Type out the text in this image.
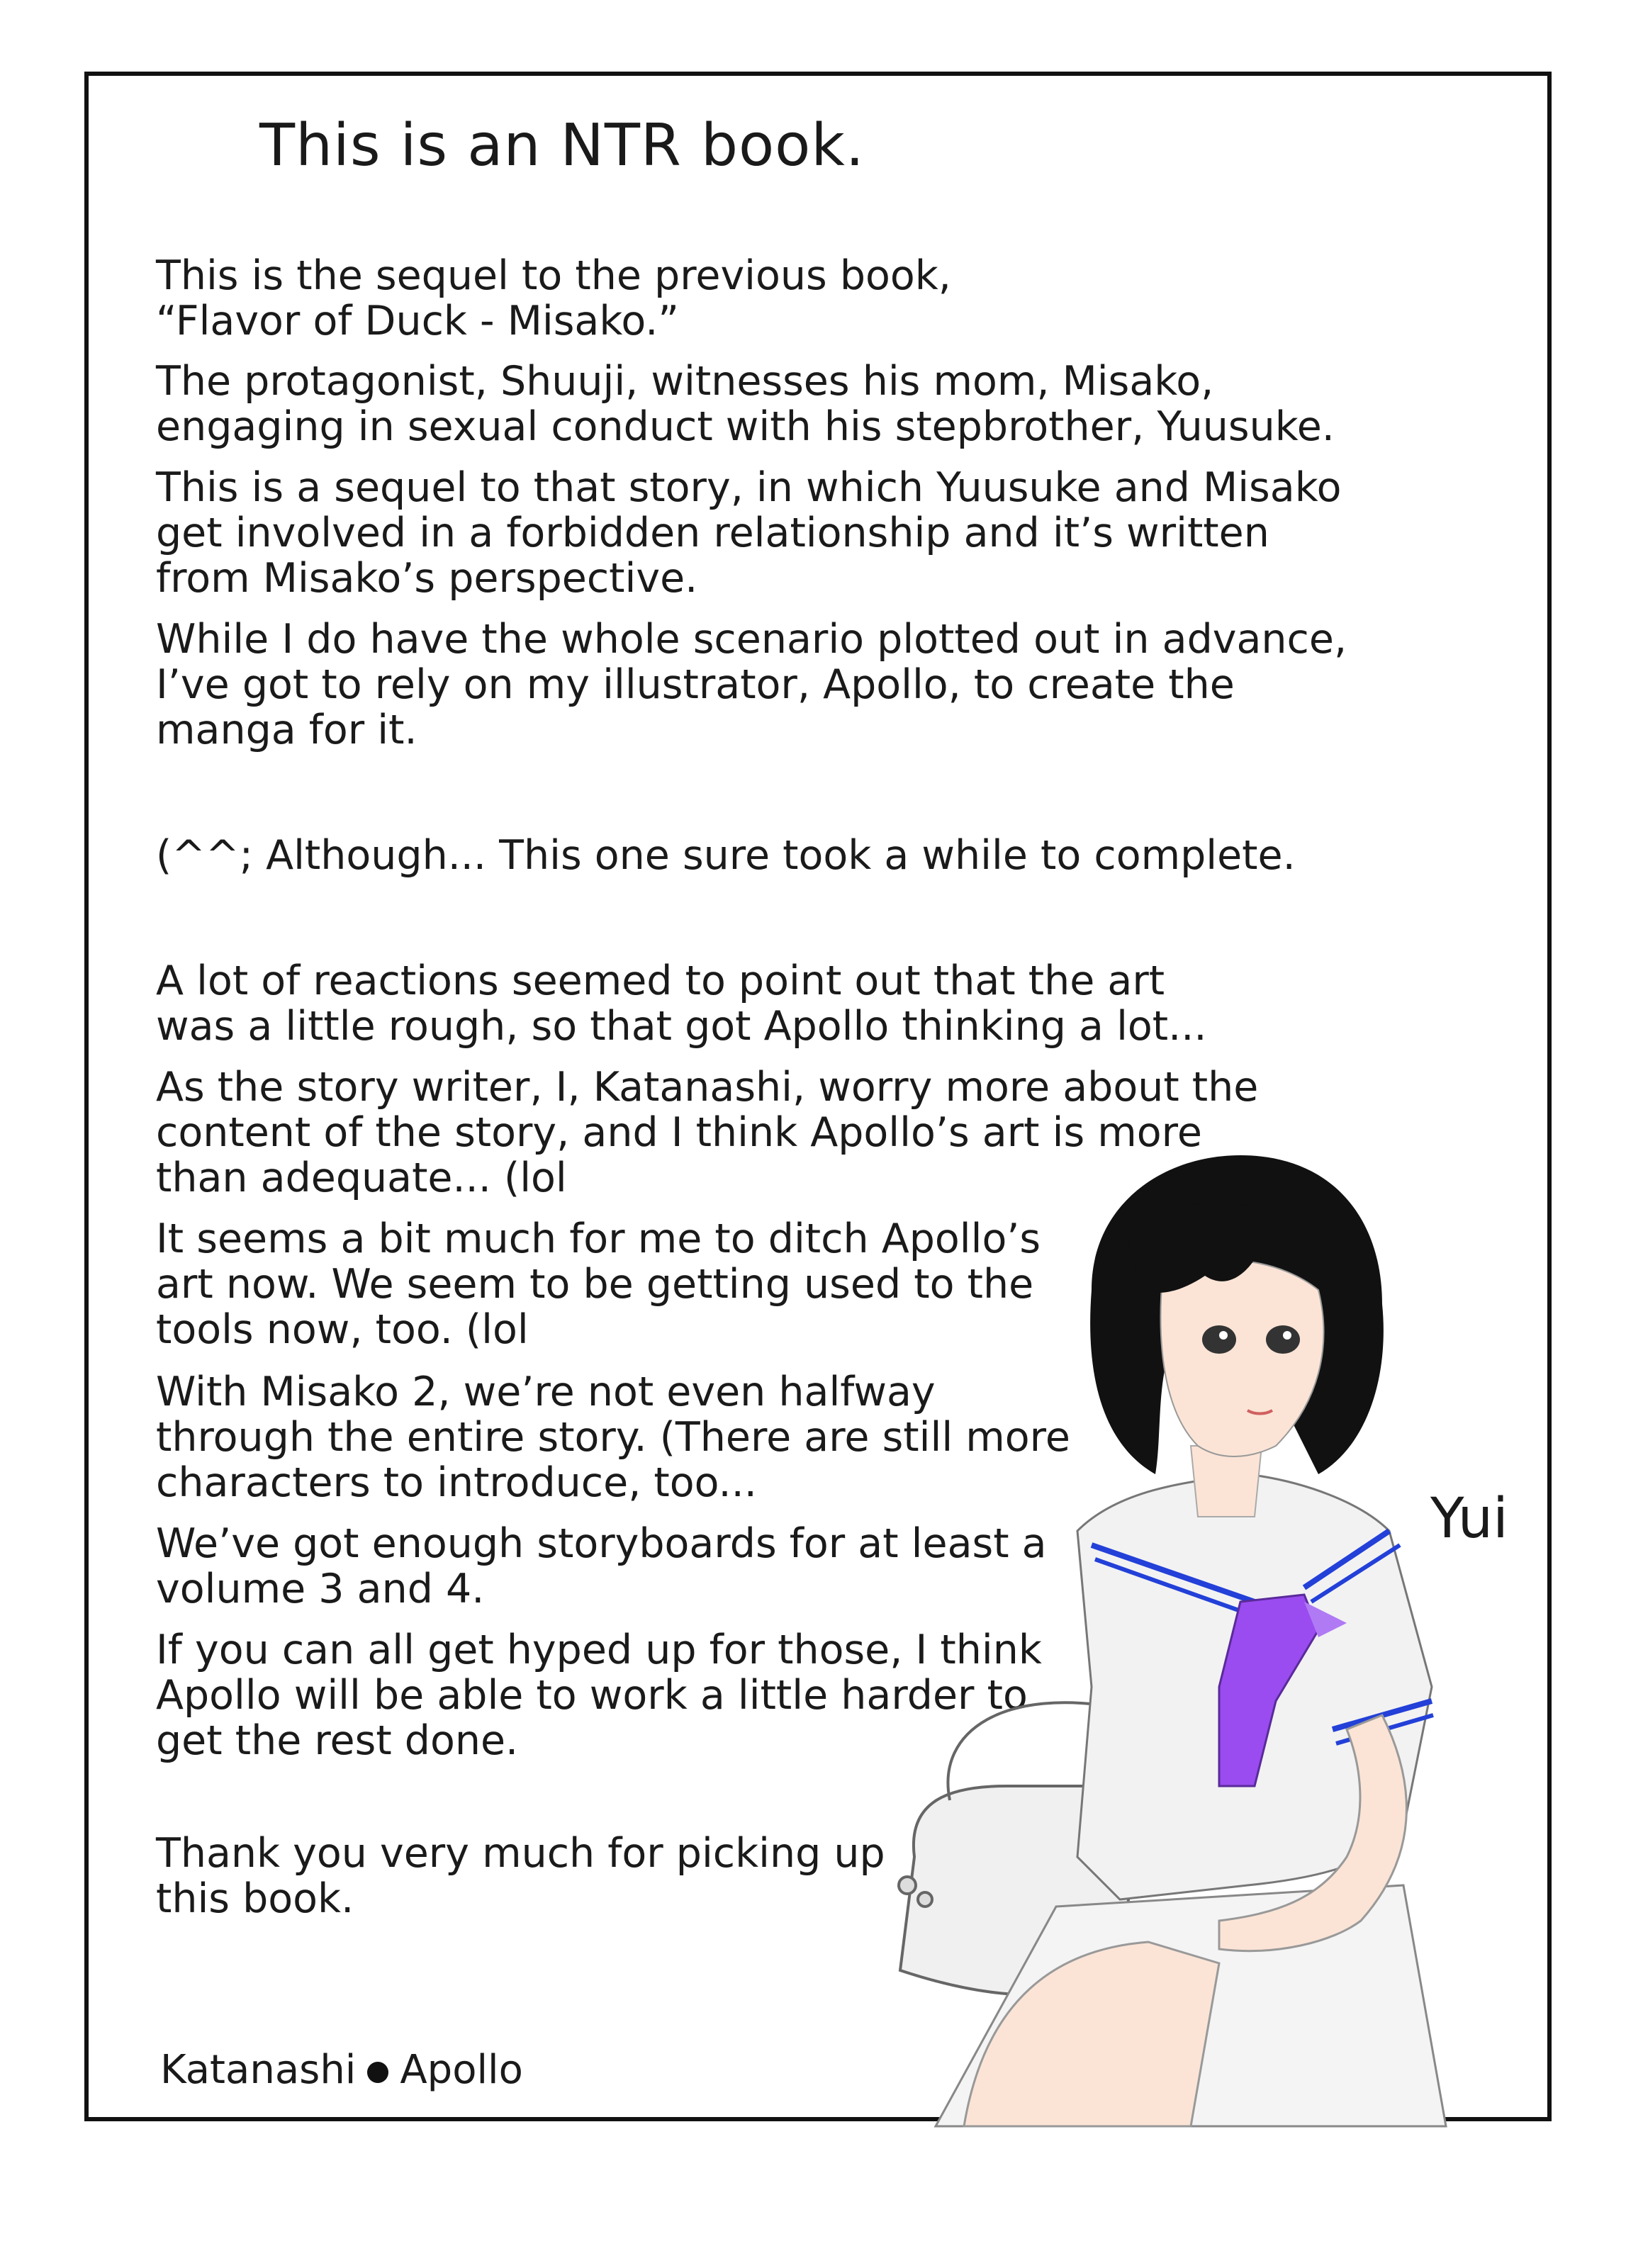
This is an NTR book.

This is the sequel to the previous book,
“Flavor of Duck - Misako.”

The protagonist, Shuuji, witnesses his mom, Misako,
engaging in sexual conduct with his stepbrother, Yuusuke.

This is a sequel to that story, in which Yuusuke and Misako
get involved in a forbidden relationship and it’s written
from Misako’s perspective.

While I do have the whole scenario plotted out in advance,
I’ve got to rely on my illustrator, Apollo, to create the
manga for it.

(^^; Although... This one sure took a while to complete.

A lot of reactions seemed to point out that the art
was a little rough, so that got Apollo thinking a lot...

As the story writer, I, Katanashi, worry more about the
content of the story, and I think Apollo’s art is more
than adequate... (lol

It seems a bit much for me to ditch Apollo’s
art now. We seem to be getting used to the
tools now, too. (lol

With Misako 2, we’re not even halfway
through the entire story. (There are still more
characters to introduce, too...

We’ve got enough storyboards for at least a
volume 3 and 4.

If you can all get hyped up for those, I think
Apollo will be able to work a little harder to
get the rest done.

Thank you very much for picking up
this book.

Katanashi Apollo
Yui
